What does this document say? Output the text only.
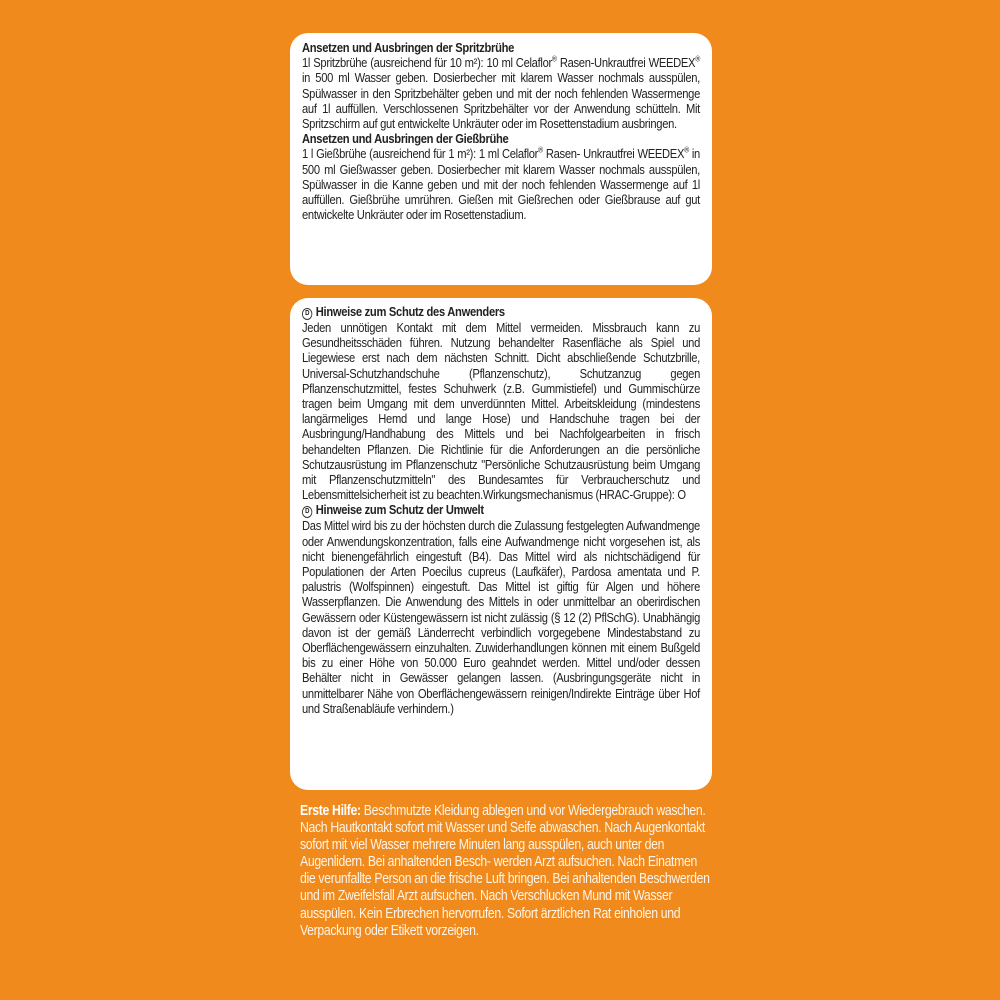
Ansetzen und Ausbringen der Spritzbrühe
1l Spritzbrühe (ausreichend für 10 m²): 10 ml Celaflor® Rasen-Unkrautfrei WEEDEX® in 500 ml Wasser geben. Dosierbecher mit klarem Wasser nochmals ausspülen, Spülwasser in den Spritzbehälter geben und mit der noch fehlenden Wassermenge auf 1l auffüllen. Verschlossenen Spritzbehälter vor der Anwendung schütteln. Mit Spritzschirm auf gut entwickelte Unkräuter oder im Rosettenstadium ausbringen.
Ansetzen und Ausbringen der Gießbrühe
1 l Gießbrühe (ausreichend für 1 m²): 1 ml Celaflor® Rasen- Unkrautfrei WEEDEX® in 500 ml Gießwasser geben. Dosierbecher mit klarem Wasser nochmals ausspülen, Spülwasser in die Kanne geben und mit der noch fehlenden Wassermenge auf 1l auffüllen. Gießbrühe umrühren. Gießen mit Gießrechen oder Gießbrause auf gut entwickelte Unkräuter oder im Rosettenstadium.
D Hinweise zum Schutz des Anwenders
Jeden unnötigen Kontakt mit dem Mittel vermeiden. Missbrauch kann zu Gesundheitsschäden führen. Nutzung behandelter Rasenfläche als Spiel und Liegewiese erst nach dem nächsten Schnitt. Dicht abschließende Schutzbrille, Universal-Schutzhandschuhe (Pflanzenschutz), Schutzanzug gegen Pflanzenschutzmittel, festes Schuhwerk (z.B. Gummistiefel) und Gummischürze tragen beim Umgang mit dem unverdünnten Mittel. Arbeitskleidung (mindestens langärmeliges Hemd und lange Hose) und Handschuhe tragen bei der Ausbringung/Handhabung des Mittels und bei Nachfolgearbeiten in frisch behandelten Pflanzen. Die Richtlinie für die Anforderungen an die persönliche Schutzausrüstung im Pflanzenschutz "Persönliche Schutzausrüstung beim Umgang mit Pflanzenschutzmitteln" des Bundesamtes für Verbraucherschutz und Lebensmittelsicherheit ist zu beachten.Wirkungsmechanismus (HRAC-Gruppe): O
D Hinweise zum Schutz der Umwelt
Das Mittel wird bis zu der höchsten durch die Zulassung festgelegten Aufwandmenge oder Anwendungskonzentration, falls eine Aufwandmenge nicht vorgesehen ist, als nicht bienengefährlich eingestuft (B4). Das Mittel wird als nichtschädigend für Populationen der Arten Poecilus cupreus (Laufkäfer), Pardosa amentata und P. palustris (Wolfspinnen) eingestuft. Das Mittel ist giftig für Algen und höhere Wasserpflanzen. Die Anwendung des Mittels in oder unmittelbar an oberirdischen Gewässern oder Küstengewässern ist nicht zulässig (§ 12 (2) PflSchG). Unabhängig davon ist der gemäß Länderrecht verbindlich vorgegebene Mindestabstand zu Oberflächengewässern einzuhalten. Zuwiderhandlungen können mit einem Bußgeld bis zu einer Höhe von 50.000 Euro geahndet werden. Mittel und/oder dessen Behälter nicht in Gewässer gelangen lassen. (Ausbringungsgeräte nicht in unmittelbarer Nähe von Oberflächengewässern reinigen/Indirekte Einträge über Hof und Straßenabläufe verhindern.)
Erste Hilfe: Beschmutzte Kleidung ablegen und vor Wiedergebrauch waschen. Nach Hautkontakt sofort mit Wasser und Seife abwaschen. Nach Augenkontakt sofort mit viel Wasser mehrere Minuten lang ausspülen, auch unter den Augenlidern. Bei anhaltenden Besch- werden Arzt aufsuchen. Nach Einatmen die verunfallte Person an die frische Luft bringen. Bei anhaltenden Beschwerden und im Zweifelsfall Arzt aufsuchen. Nach Verschlucken Mund mit Wasser ausspülen. Kein Erbrechen hervorrufen. Sofort ärztlichen Rat einholen und Verpackung oder Etikett vorzeigen.
